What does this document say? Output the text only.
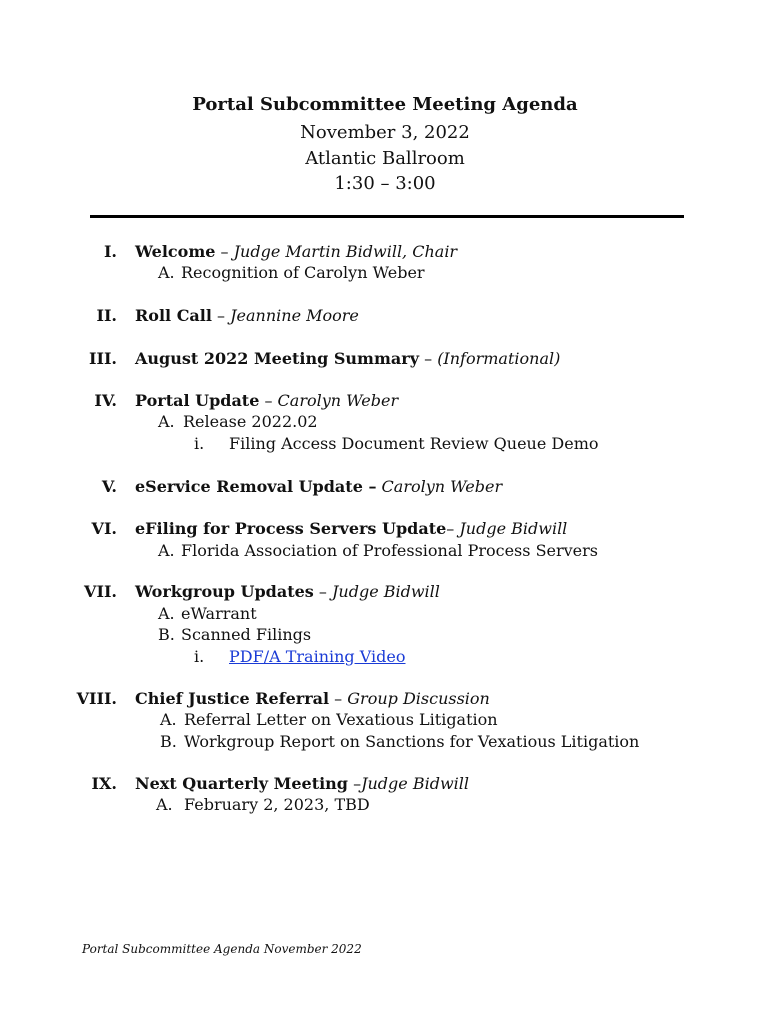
Portal Subcommittee Meeting Agenda
November 3, 2022
Atlantic Ballroom
1:30 – 3:00
I. Welcome – Judge Martin Bidwill, Chair
A. Recognition of Carolyn Weber
II. Roll Call – Jeannine Moore
III. August 2022 Meeting Summary – (Informational)
IV. Portal Update – Carolyn Weber
A. Release 2022.02
i. Filing Access Document Review Queue Demo
V. eService Removal Update – Carolyn Weber
VI. eFiling for Process Servers Update– Judge Bidwill
A. Florida Association of Professional Process Servers
VII. Workgroup Updates – Judge Bidwill
A. eWarrant
B. Scanned Filings
i. PDF/A Training Video
VIII. Chief Justice Referral – Group Discussion
A. Referral Letter on Vexatious Litigation
B. Workgroup Report on Sanctions for Vexatious Litigation
IX. Next Quarterly Meeting –Judge Bidwill
A. February 2, 2023, TBD
Portal Subcommittee Agenda November 2022
